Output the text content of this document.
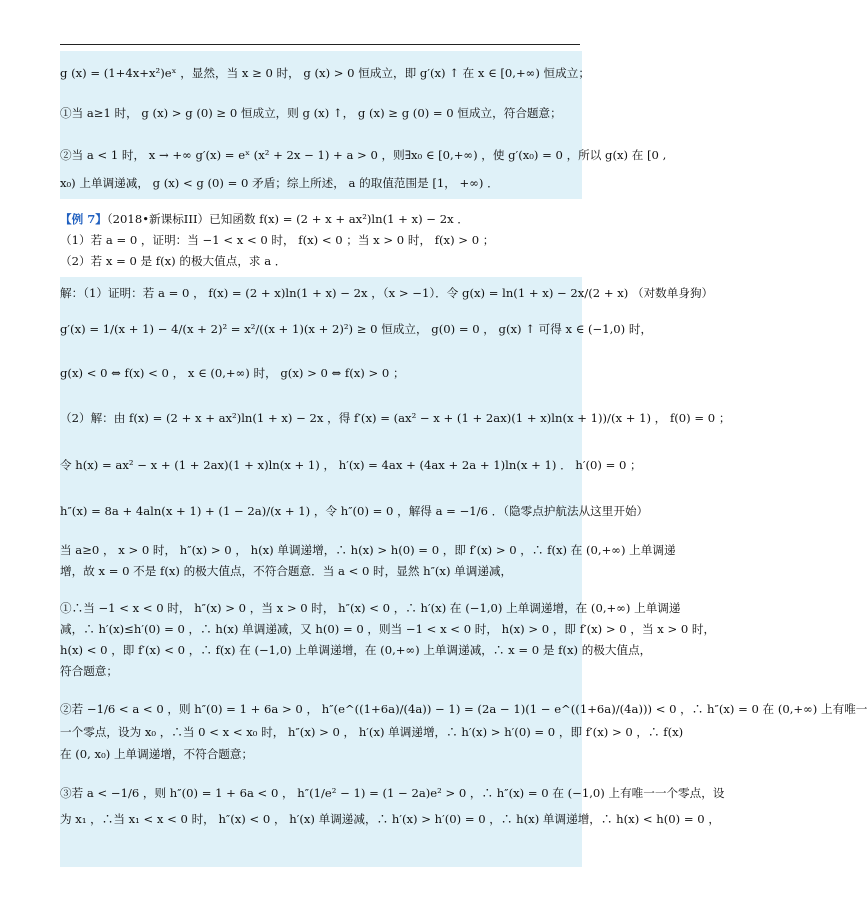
g (x) = (1+4x+x²)eˣ ，显然，当 x ≥ 0 时， g (x) > 0 恒成立，即 g′(x) ↑ 在 x ∈ [0,+∞) 恒成立；
①当 a≥1 时， g (x) > g (0) ≥ 0 恒成立，则 g (x) ↑， g (x) ≥ g (0) = 0 恒成立，符合题意；
②当 a < 1 时， x → +∞ g′(x) = eˣ (x² + 2x − 1) + a > 0 ，则∃x₀ ∈ [0,+∞) ，使 g′(x₀) = 0 ，所以 g(x) 在 [0 ,
x₀) 上单调递减， g (x) < g (0) = 0 矛盾；综上所述， a 的取值范围是 [1， +∞) ．
【例 7】（2018•新课标III）已知函数 f(x) = (2 + x + ax²)ln(1 + x) − 2x ．
（1）若 a = 0 ，证明：当 −1 < x < 0 时， f(x) < 0 ；当 x > 0 时， f(x) > 0 ；
（2）若 x = 0 是 f(x) 的极大值点，求 a ．
解：（1）证明：若 a = 0 ， f(x) = (2 + x)ln(1 + x) − 2x ，（x > −1）．令 g(x) = ln(1 + x) − 2x/(2 + x) （对数单身狗）
g′(x) = 1/(x + 1) − 4/(x + 2)² = x²/((x + 1)(x + 2)²) ≥ 0 恒成立， g(0) = 0 ， g(x) ↑ 可得 x ∈ (−1,0) 时，
g(x) < 0 ⇔ f(x) < 0 ， x ∈ (0,+∞) 时， g(x) > 0 ⇔ f(x) > 0 ；
（2）解：由 f(x) = (2 + x + ax²)ln(1 + x) − 2x ，得 f′(x) = (ax² − x + (1 + 2ax)(1 + x)ln(x + 1))/(x + 1) ， f(0) = 0 ；
令 h(x) = ax² − x + (1 + 2ax)(1 + x)ln(x + 1) ， h′(x) = 4ax + (4ax + 2a + 1)ln(x + 1) ． h′(0) = 0 ；
h″(x) = 8a + 4aln(x + 1) + (1 − 2a)/(x + 1) ，令 h″(0) = 0 ，解得 a = −1/6 ．（隐零点护航法从这里开始）
当 a≥0 ， x > 0 时， h″(x) > 0 ， h(x) 单调递增，∴ h(x) > h(0) = 0 ，即 f′(x) > 0 ，∴ f(x) 在 (0,+∞) 上单调递
增，故 x = 0 不是 f(x) 的极大值点，不符合题意．当 a < 0 时，显然 h″(x) 单调递减，
①∴当 −1 < x < 0 时， h″(x) > 0 ，当 x > 0 时， h″(x) < 0 ，∴ h′(x) 在 (−1,0) 上单调递增，在 (0,+∞) 上单调递
减，∴ h′(x)≤h′(0) = 0 ，∴ h(x) 单调递减，又 h(0) = 0 ，则当 −1 < x < 0 时， h(x) > 0 ，即 f′(x) > 0 ，当 x > 0 时，
h(x) < 0 ，即 f′(x) < 0 ，∴ f(x) 在 (−1,0) 上单调递增，在 (0,+∞) 上单调递减，∴ x = 0 是 f(x) 的极大值点，
符合题意；
②若 −1/6 < a < 0 ，则 h″(0) = 1 + 6a > 0 ， h″(e^((1+6a)/(4a)) − 1) = (2a − 1)(1 − e^((1+6a)/(4a))) < 0 ，∴ h″(x) = 0 在 (0,+∞) 上有唯一
一个零点，设为 x₀ ，∴当 0 < x < x₀ 时， h″(x) > 0 ， h′(x) 单调递增，∴ h′(x) > h′(0) = 0 ，即 f′(x) > 0 ，∴ f(x)
在 (0, x₀) 上单调递增，不符合题意；
③若 a < −1/6 ，则 h″(0) = 1 + 6a < 0 ， h″(1/e² − 1) = (1 − 2a)e² > 0 ，∴ h″(x) = 0 在 (−1,0) 上有唯一一个零点，设
为 x₁ ，∴当 x₁ < x < 0 时， h″(x) < 0 ， h′(x) 单调递减，∴ h′(x) > h′(0) = 0 ，∴ h(x) 单调递增，∴ h(x) < h(0) = 0 ，
